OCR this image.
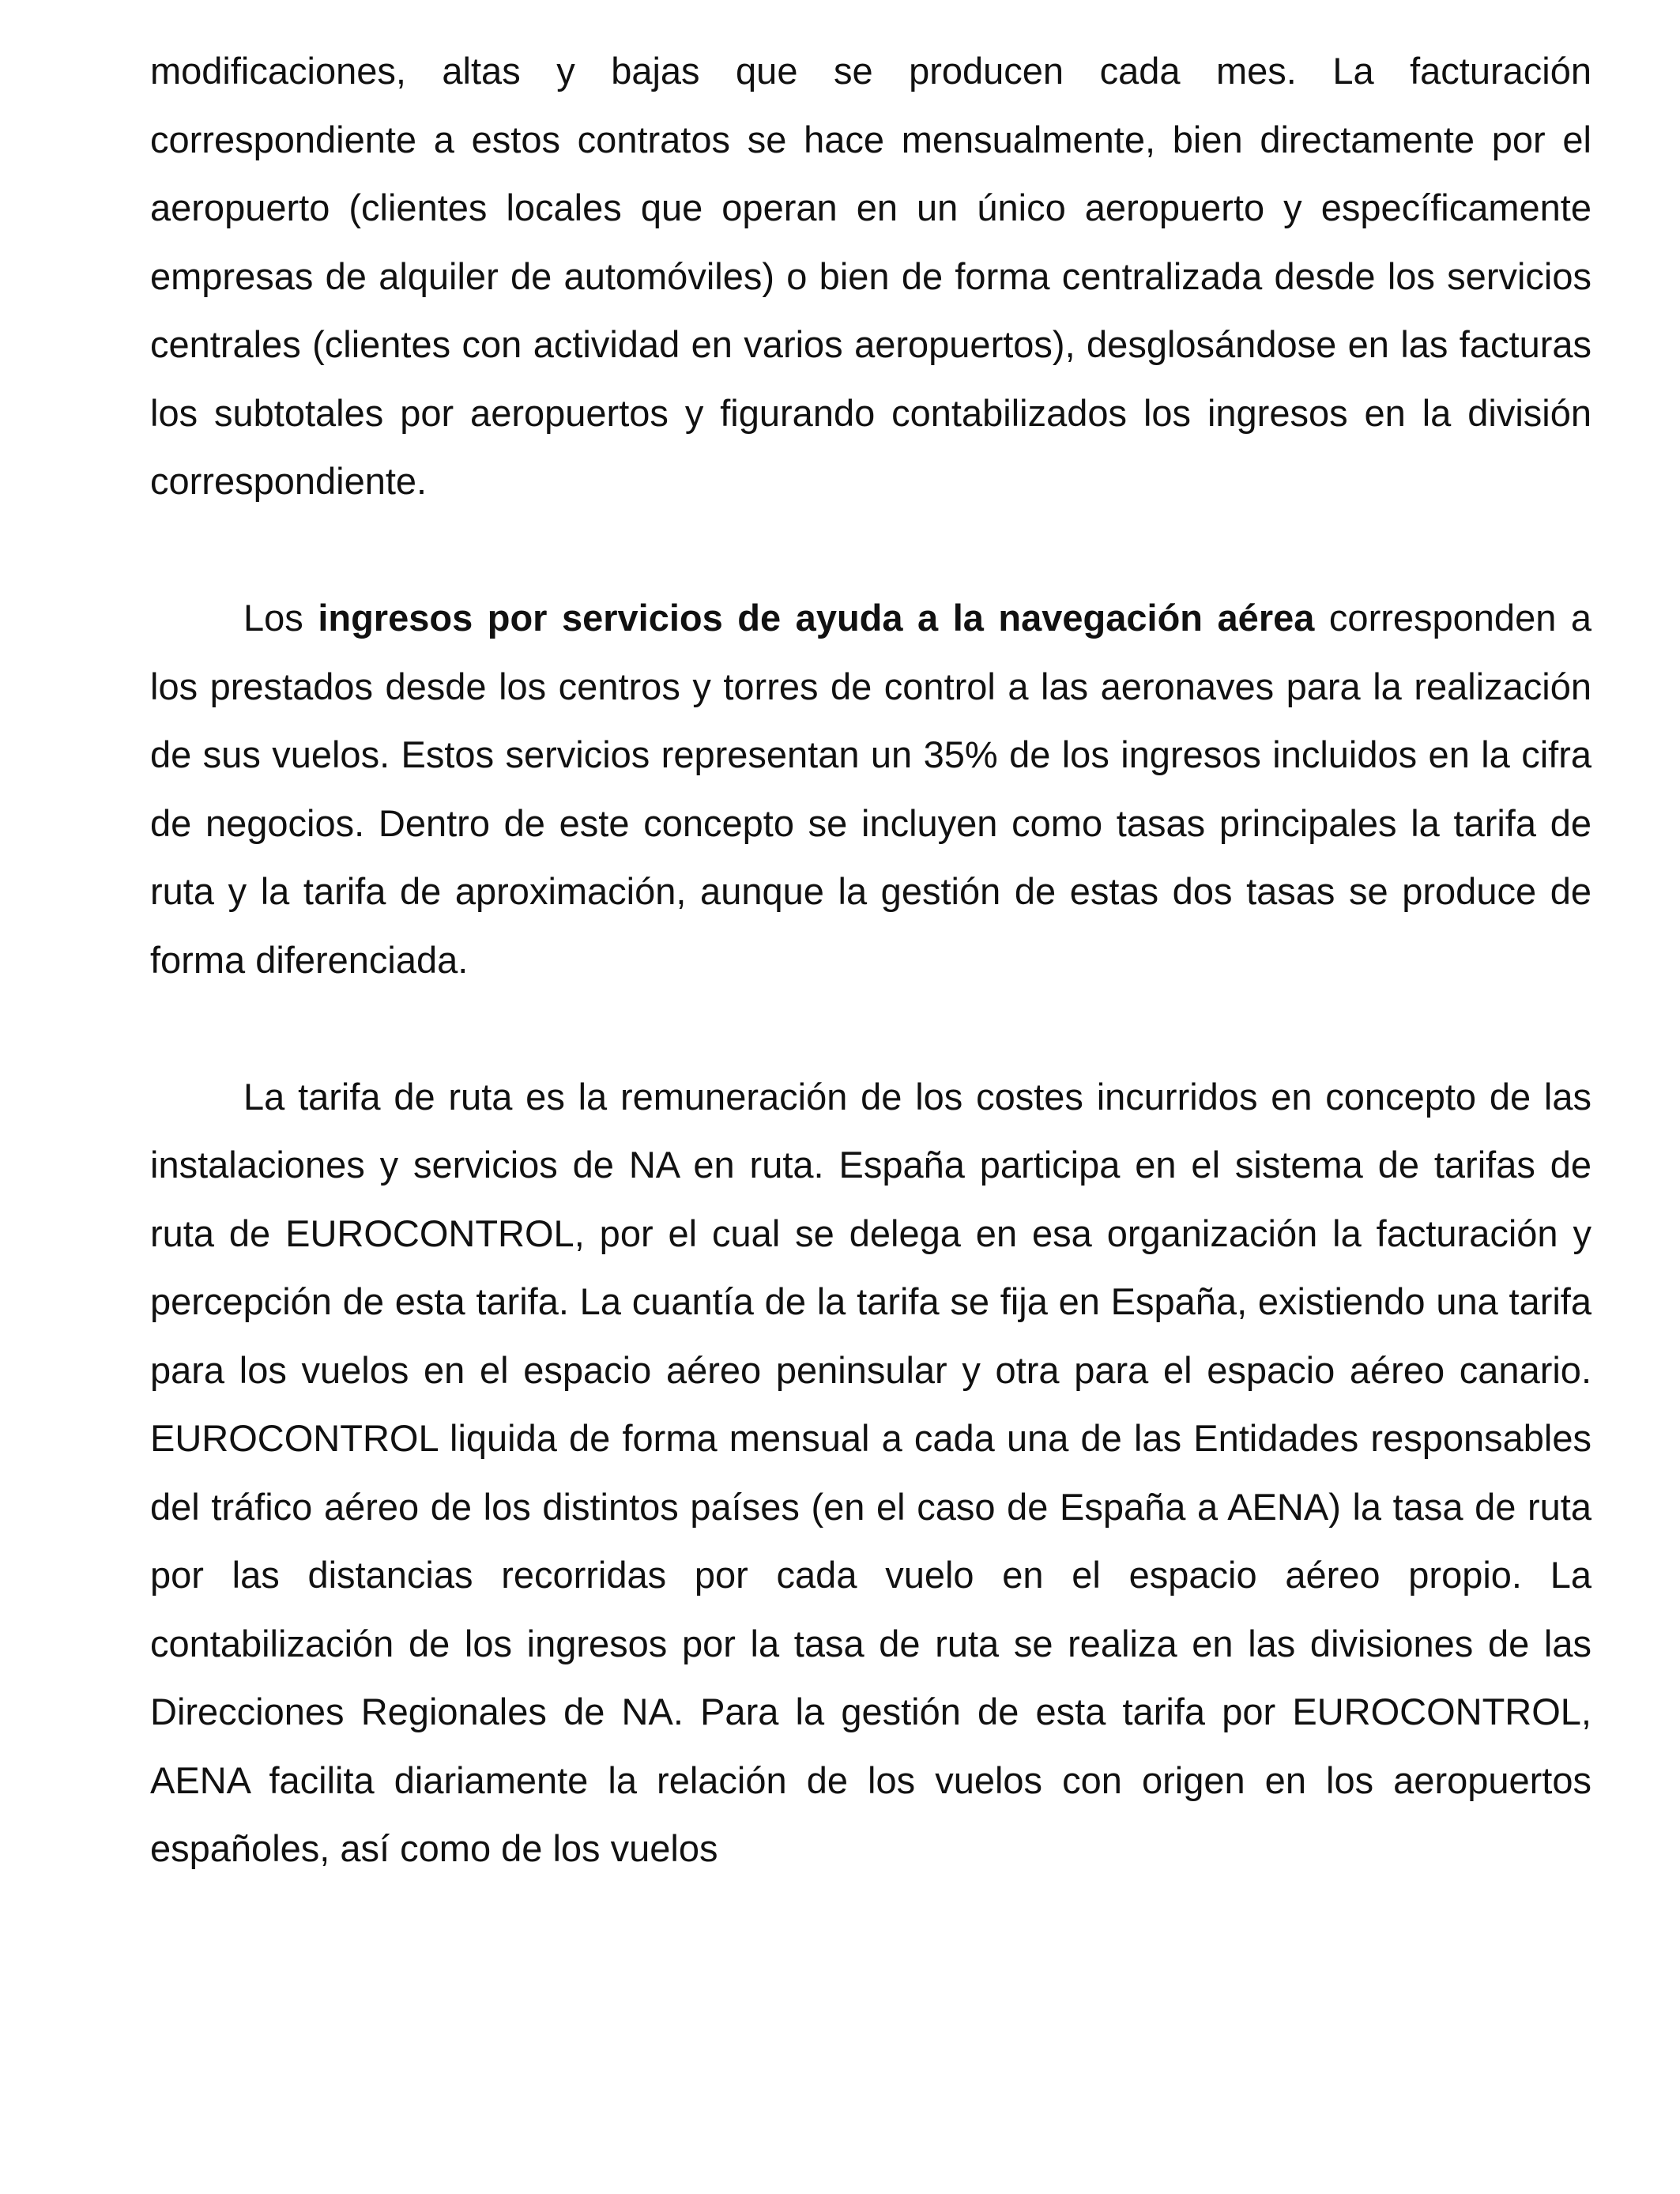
modificaciones, altas y bajas que se producen cada mes. La facturación correspondiente a estos contratos se hace mensualmente, bien directamente por el aeropuerto (clientes locales que operan en un único aeropuerto y específicamente empresas de alquiler de automóviles) o bien de forma centralizada desde los servicios centrales (clientes con actividad en varios aeropuertos), desglosándose en las facturas los subtotales por aeropuertos y figurando contabilizados los ingresos en la división correspondiente.

Los ingresos por servicios de ayuda a la navegación aérea corresponden a los prestados desde los centros y torres de control a las aeronaves para la realización de sus vuelos. Estos servicios representan un 35% de los ingresos incluidos en la cifra de negocios. Dentro de este concepto se incluyen como tasas principales la tarifa de ruta y la tarifa de aproximación, aunque la gestión de estas dos tasas se produce de forma diferenciada.

La tarifa de ruta es la remuneración de los costes incurridos en concepto de las instalaciones y servicios de NA en ruta. España participa en el sistema de tarifas de ruta de EUROCONTROL, por el cual se delega en esa organización la facturación y percepción de esta tarifa. La cuantía de la tarifa se fija en España, existiendo una tarifa para los vuelos en el espacio aéreo peninsular y otra para el espacio aéreo canario. EUROCONTROL liquida de forma mensual a cada una de las Entidades responsables del tráfico aéreo de los distintos países (en el caso de España a AENA) la tasa de ruta por las distancias recorridas por cada vuelo en el espacio aéreo propio. La contabilización de los ingresos por la tasa de ruta se realiza en las divisiones de las Direcciones Regionales de NA. Para la gestión de esta tarifa por EUROCONTROL, AENA facilita diariamente la relación de los vuelos con origen en los aeropuertos españoles, así como de los vuelos
